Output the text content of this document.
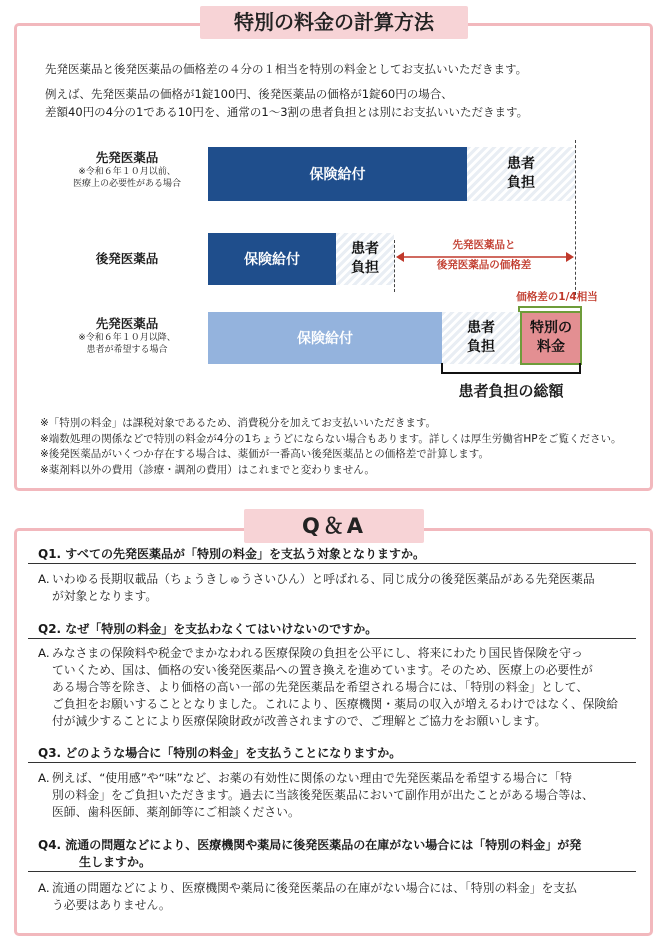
特別の料金の計算方法
先発医薬品と後発医薬品の価格差の４分の１相当を特別の料金としてお支払いいただきます。
例えば、先発医薬品の価格が1錠100円、後発医薬品の価格が1錠60円の場合、
差額40円の4分の1である10円を、通常の1～3割の患者負担とは別にお支払いいただきます。
先発医薬品
※令和６年１０月以前、
医療上の必要性がある場合
保険給付
患者
負担
後発医薬品	保険給付
患者
負担
先発医薬品と
後発医薬品の価格差
価格差の1/4相当
先発医薬品
※令和６年１０月以降、
患者が希望する場合
保険給付
患者
負担
特別の
料金
患者負担の総額
※「特別の料金」は課税対象であるため、消費税分を加えてお支払いいただきます。
※端数処理の関係などで特別の料金が4分の1ちょうどにならない場合もあります。詳しくは厚生労働省HPをご覧ください。
※後発医薬品がいくつか存在する場合は、薬価が一番高い後発医薬品との価格差で計算します。
※薬剤料以外の費用（診療・調剤の費用）はこれまでと変わりません。
Q＆A
Q1. すべての先発医薬品が「特別の料金」を支払う対象となりますか。
A. いわゆる長期収載品（ちょうきしゅうさいひん）と呼ばれる、同じ成分の後発医薬品がある先発医薬品
が対象となります。
Q2. なぜ「特別の料金」を支払わなくてはいけないのですか。
A. みなさまの保険料や税金でまかなわれる医療保険の負担を公平にし、将来にわたり国民皆保険を守っ
ていくため、国は、価格の安い後発医薬品への置き換えを進めています。そのため、医療上の必要性が
ある場合等を除き、より価格の高い一部の先発医薬品を希望される場合には、「特別の料金」として、
ご負担をお願いすることとなりました。これにより、医療機関・薬局の収入が増えるわけではなく、保険給
付が減少することにより医療保険財政が改善されますので、ご理解とご協力をお願いします。
Q3. どのような場合に「特別の料金」を支払うことになりますか。
A. 例えば、“使用感”や“味”など、お薬の有効性に関係のない理由で先発医薬品を希望する場合に「特
別の料金」をご負担いただきます。過去に当該後発医薬品において副作用が出たことがある場合等は、
医師、歯科医師、薬剤師等にご相談ください。
Q4. 流通の問題などにより、医療機関や薬局に後発医薬品の在庫がない場合には「特別の料金」が発
生しますか。
A. 流通の問題などにより、医療機関や薬局に後発医薬品の在庫がない場合には、「特別の料金」を支払
う必要はありません。
